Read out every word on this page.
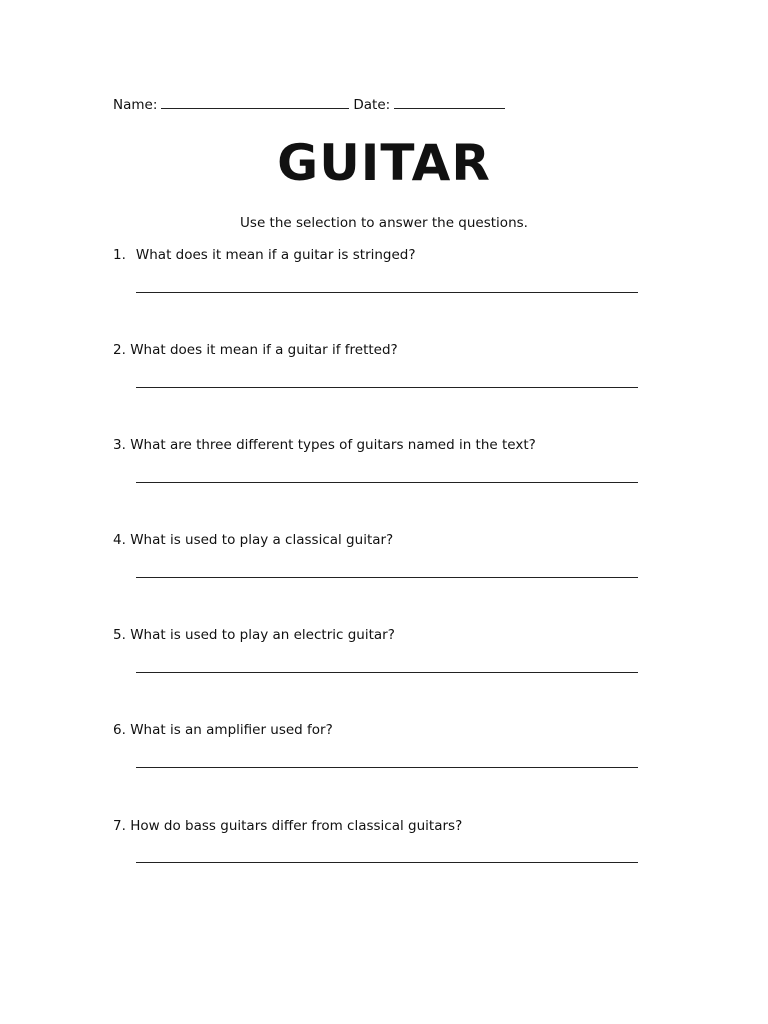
Name:	Date:
GUITAR
Use the selection to answer the questions.
1. What does it mean if a guitar is stringed?
2. What does it mean if a guitar if fretted?
3. What are three different types of guitars named in the text?
4. What is used to play a classical guitar?
5. What is used to play an electric guitar?
6. What is an amplifier used for?
7. How do bass guitars differ from classical guitars?
